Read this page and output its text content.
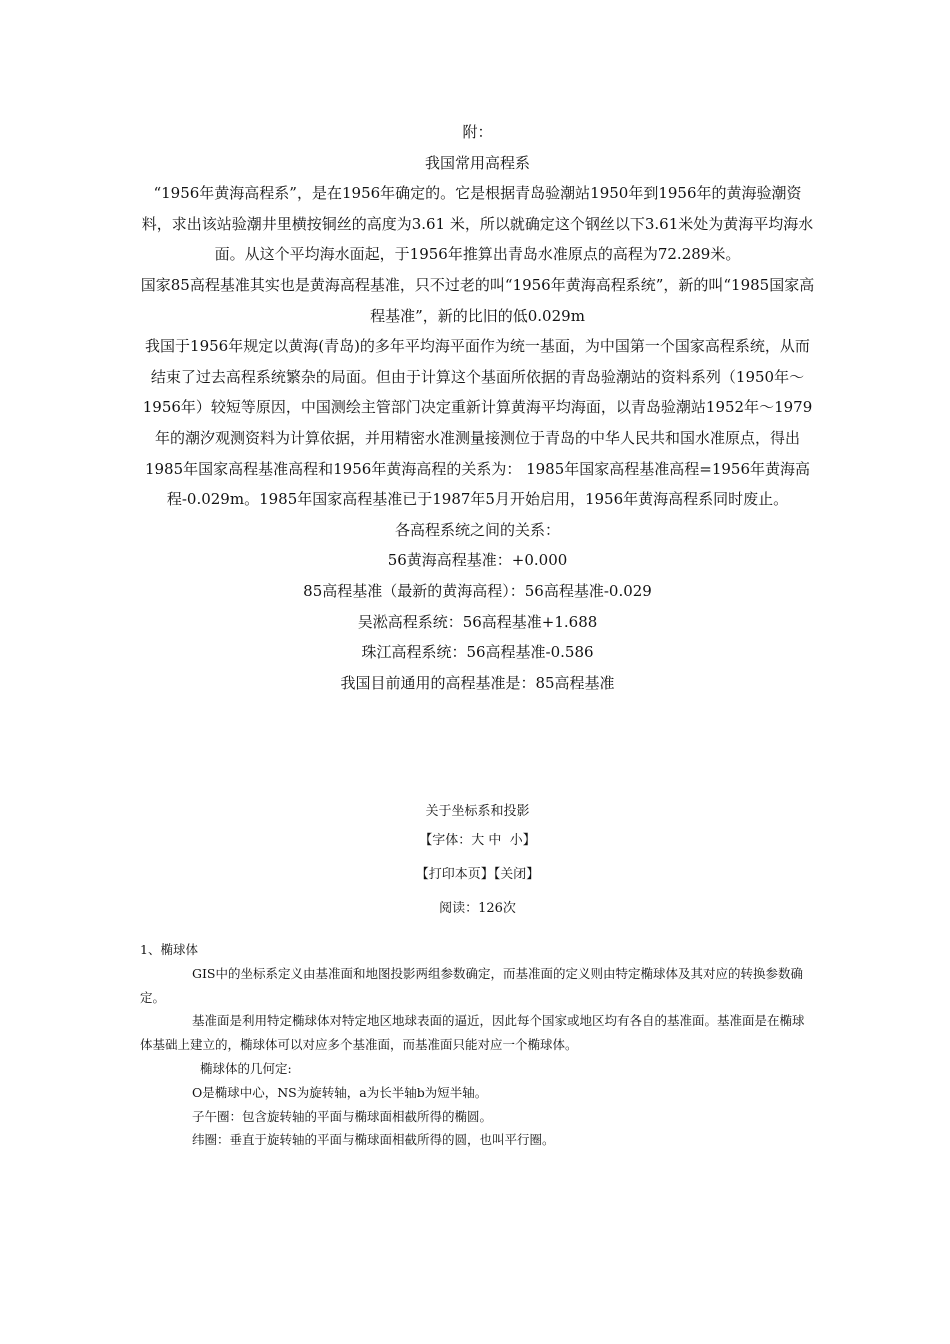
附：

我国常用高程系

“1956年黄海高程系”，是在1956年确定的。它是根据青岛验潮站1950年到1956年的黄海验潮资料，求出该站验潮井里横按铜丝的高度为3.61 米，所以就确定这个钢丝以下3.61米处为黄海平均海水面。从这个平均海水面起，于1956年推算出青岛水准原点的高程为72.289米。

国家85高程基准其实也是黄海高程基准，只不过老的叫“1956年黄海高程系统”，新的叫“1985国家高程基准”，新的比旧的低0.029m

我国于1956年规定以黄海(青岛)的多年平均海平面作为统一基面，为中国第一个国家高程系统，从而结束了过去高程系统繁杂的局面。但由于计算这个基面所依据的青岛验潮站的资料系列（1950年～1956年）较短等原因，中国测绘主管部门决定重新计算黄海平均海面，以青岛验潮站1952年～1979年的潮汐观测资料为计算依据，并用精密水准测量接测位于青岛的中华人民共和国水准原点，得出1985年国家高程基准高程和1956年黄海高程的关系为： 1985年国家高程基准高程=1956年黄海高程-0.029m。1985年国家高程基准已于1987年5月开始启用，1956年黄海高程系同时废止。

各高程系统之间的关系：

56黄海高程基准：+0.000

85高程基准（最新的黄海高程）：56高程基准-0.029

吴淞高程系统：56高程基准+1.688

珠江高程系统：56高程基准-0.586

我国目前通用的高程基准是：85高程基准

关于坐标系和投影

【字体：大 中 小】

【打印本页】【关闭】

阅读：126次

1、椭球体

GIS中的坐标系定义由基准面和地图投影两组参数确定，而基准面的定义则由特定椭球体及其对应的转换参数确定。

基准面是利用特定椭球体对特定地区地球表面的逼近，因此每个国家或地区均有各自的基准面。基准面是在椭球体基础上建立的，椭球体可以对应多个基准面，而基准面只能对应一个椭球体。

椭球体的几何定:

O是椭球中心，NS为旋转轴，a为长半轴b为短半轴。

子午圈：包含旋转轴的平面与椭球面相截所得的椭圆。

纬圈：垂直于旋转轴的平面与椭球面相截所得的圆，也叫平行圈。
